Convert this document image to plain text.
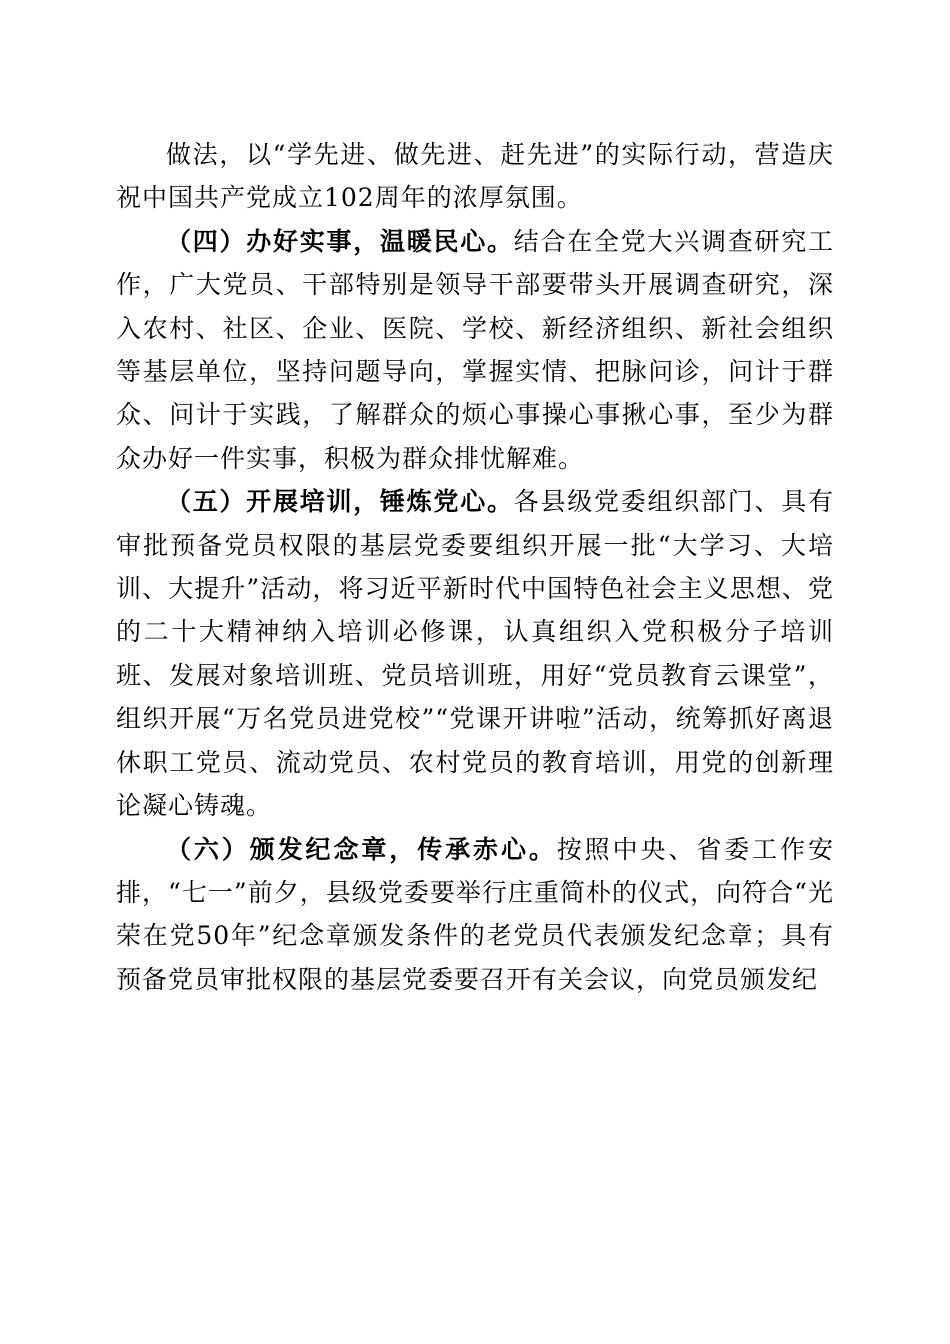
做法，以“学先进、做先进、赶先进”的实际行动，营造庆祝中国共产党成立102周年的浓厚氛围。

（四）办好实事，温暖民心。结合在全党大兴调查研究工作，广大党员、干部特别是领导干部要带头开展调查研究，深入农村、社区、企业、医院、学校、新经济组织、新社会组织等基层单位，坚持问题导向，掌握实情、把脉问诊，问计于群众、问计于实践，了解群众的烦心事操心事揪心事，至少为群众办好一件实事，积极为群众排忧解难。

（五）开展培训，锤炼党心。各县级党委组织部门、具有审批预备党员权限的基层党委要组织开展一批“大学习、大培训、大提升”活动，将习近平新时代中国特色社会主义思想、党的二十大精神纳入培训必修课，认真组织入党积极分子培训班、发展对象培训班、党员培训班，用好“党员教育云课堂”，组织开展“万名党员进党校”“党课开讲啦”活动，统筹抓好离退休职工党员、流动党员、农村党员的教育培训，用党的创新理论凝心铸魂。

（六）颁发纪念章，传承赤心。按照中央、省委工作安排，“七一”前夕，县级党委要举行庄重简朴的仪式，向符合“光荣在党50年”纪念章颁发条件的老党员代表颁发纪念章；具有预备党员审批权限的基层党委要召开有关会议，向党员颁发纪
